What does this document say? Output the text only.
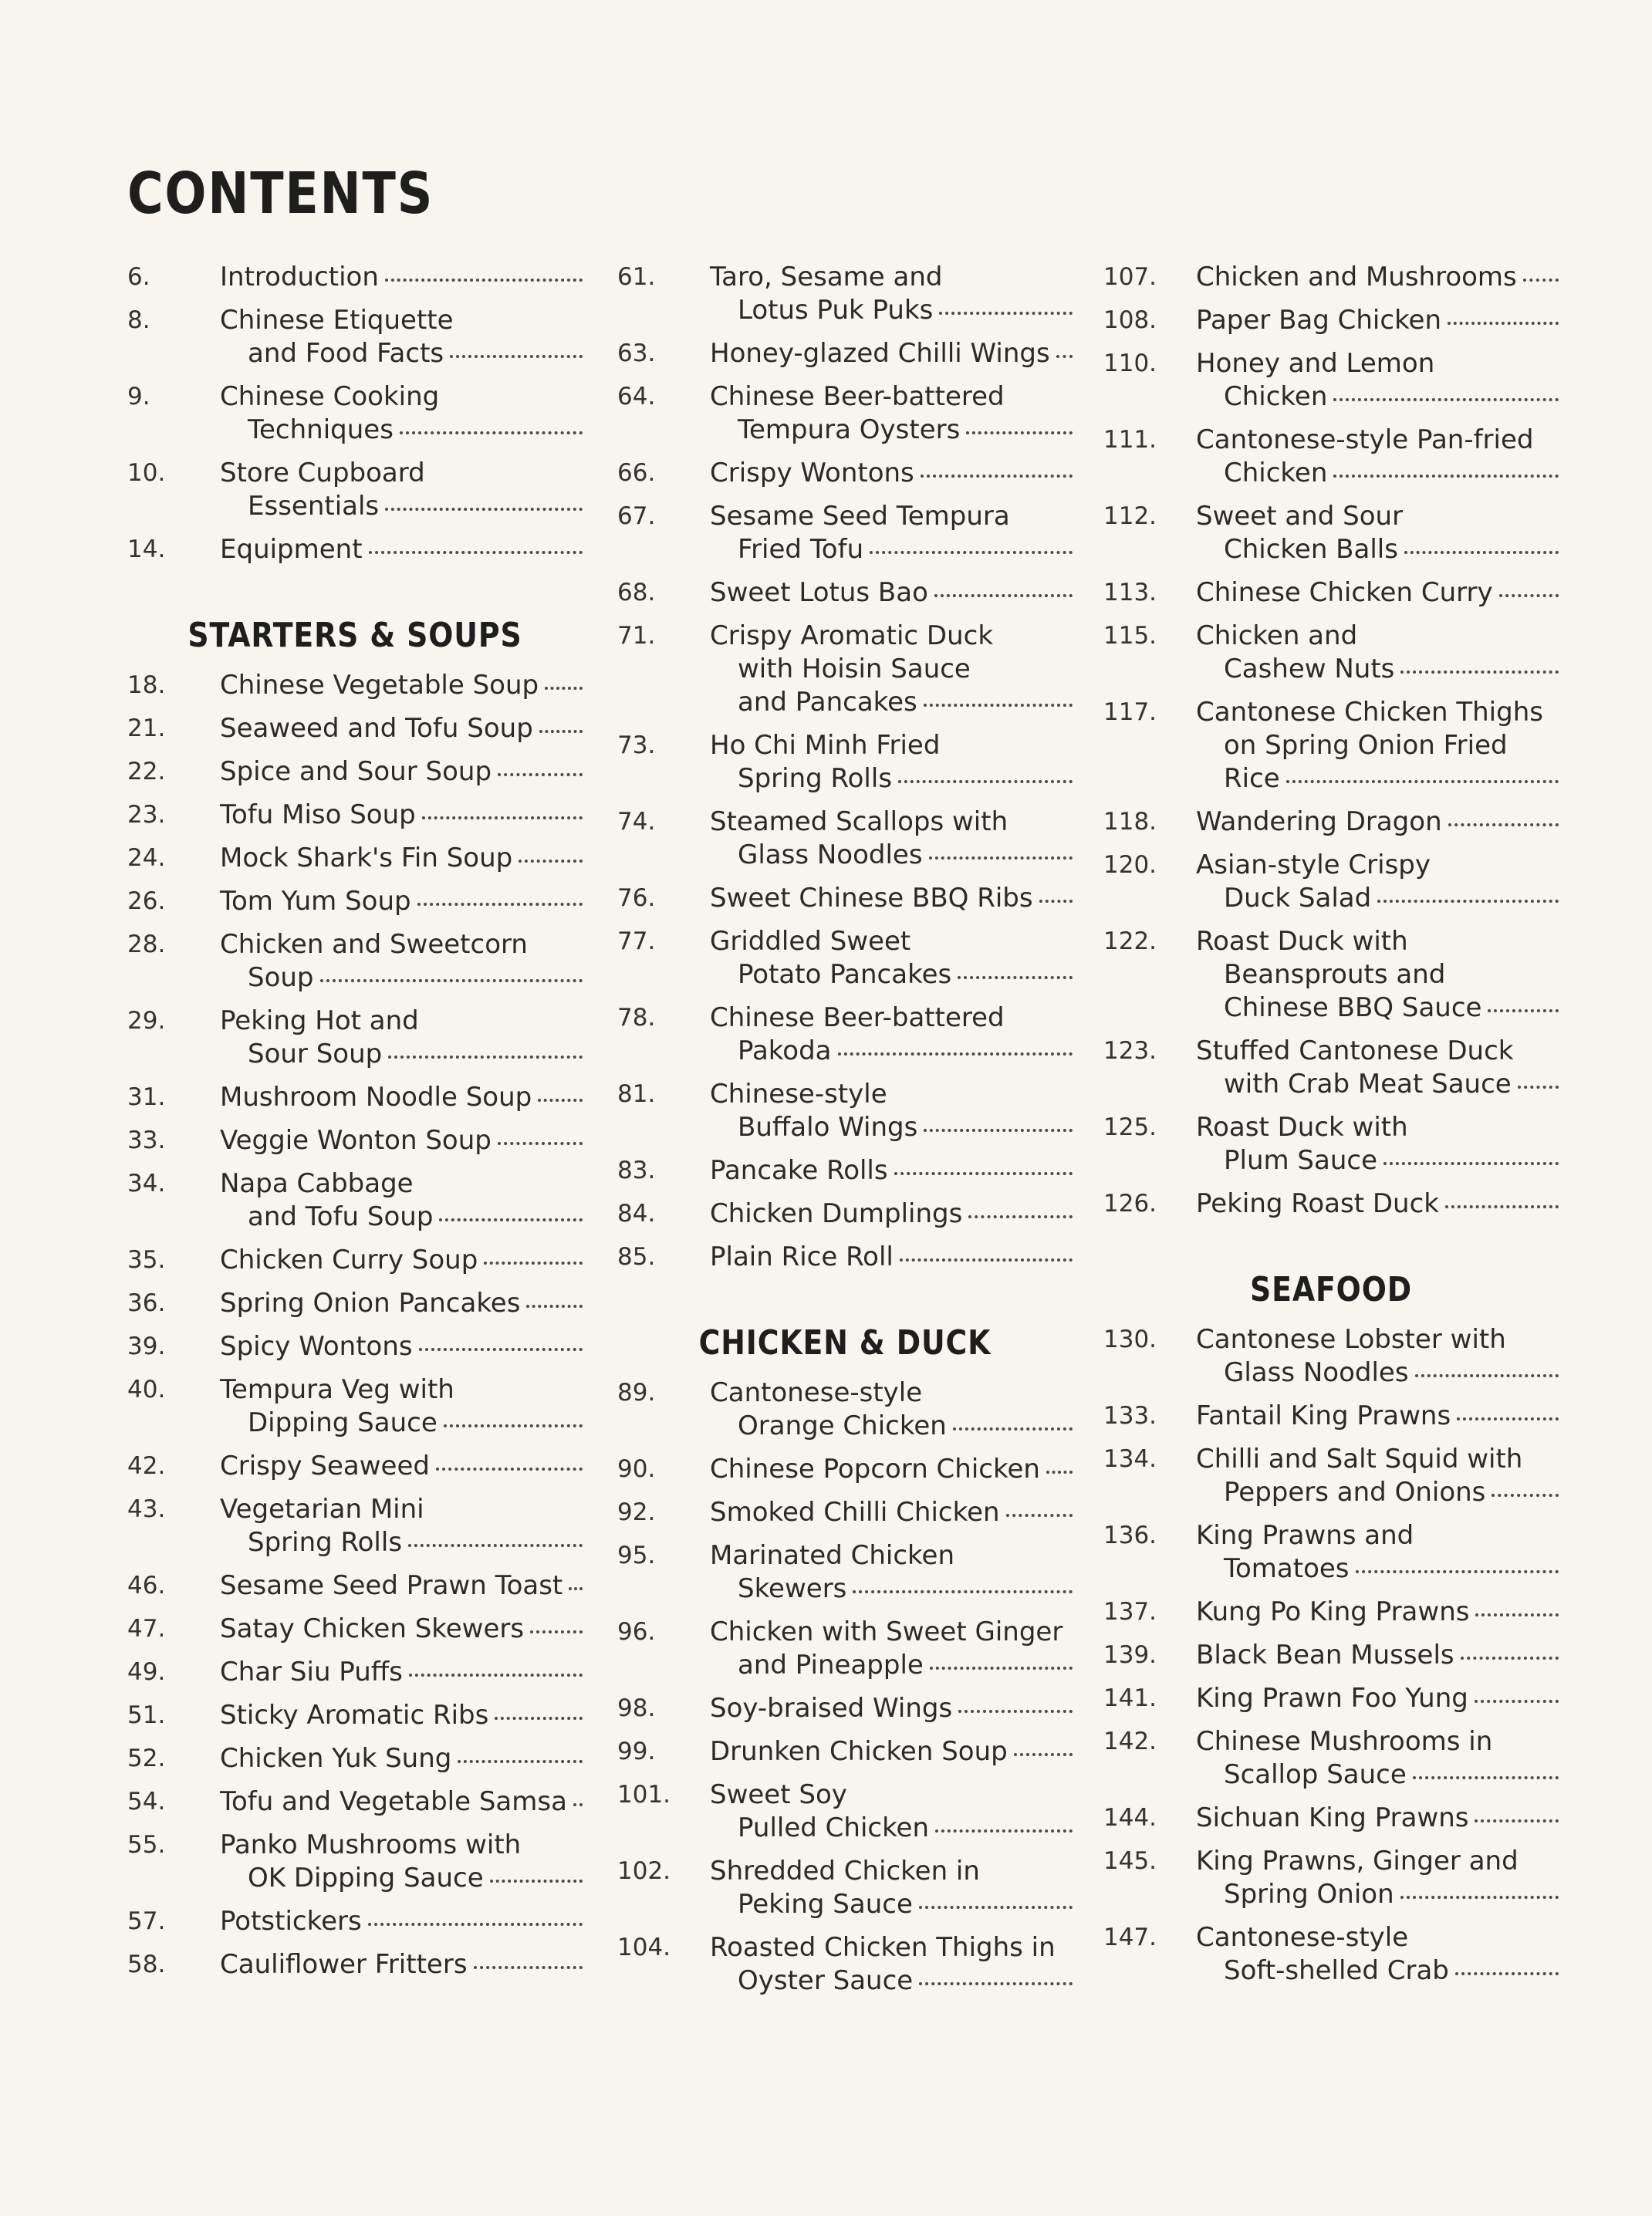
CONTENTS
6.	Introduction
8.	Chinese Etiquette
and Food Facts
9.	Chinese Cooking
Techniques
10.	Store Cupboard
Essentials
14.	Equipment
STARTERS & SOUPS
18.	Chinese Vegetable Soup
21.	Seaweed and Tofu Soup
22.	Spice and Sour Soup
23.	Tofu Miso Soup
24.	Mock Shark's Fin Soup
26.	Tom Yum Soup
28.	Chicken and Sweetcorn
Soup
29.	Peking Hot and
Sour Soup
31.	Mushroom Noodle Soup
33.	Veggie Wonton Soup
34.	Napa Cabbage
and Tofu Soup
35.	Chicken Curry Soup
36.	Spring Onion Pancakes
39.	Spicy Wontons
40.	Tempura Veg with
Dipping Sauce
42.	Crispy Seaweed
43.	Vegetarian Mini
Spring Rolls
46.	Sesame Seed Prawn Toast
47.	Satay Chicken Skewers
49.	Char Siu Puffs
51.	Sticky Aromatic Ribs
52.	Chicken Yuk Sung
54.	Tofu and Vegetable Samsa
55.	Panko Mushrooms with
OK Dipping Sauce
57.	Potstickers
58.	Cauliflower Fritters
61.	Taro, Sesame and
Lotus Puk Puks
63.	Honey-glazed Chilli Wings
64.	Chinese Beer-battered
Tempura Oysters
66.	Crispy Wontons
67.	Sesame Seed Tempura
Fried Tofu
68.	Sweet Lotus Bao
71.	Crispy Aromatic Duck
with Hoisin Sauce
and Pancakes
73.	Ho Chi Minh Fried
Spring Rolls
74.	Steamed Scallops with
Glass Noodles
76.	Sweet Chinese BBQ Ribs
77.	Griddled Sweet
Potato Pancakes
78.	Chinese Beer-battered
Pakoda
81.	Chinese-style
Buffalo Wings
83.	Pancake Rolls
84.	Chicken Dumplings
85.	Plain Rice Roll
CHICKEN & DUCK
89.	Cantonese-style
Orange Chicken
90.	Chinese Popcorn Chicken
92.	Smoked Chilli Chicken
95.	Marinated Chicken
Skewers
96.	Chicken with Sweet Ginger
and Pineapple
98.	Soy-braised Wings
99.	Drunken Chicken Soup
101.	Sweet Soy
Pulled Chicken
102.	Shredded Chicken in
Peking Sauce
104.	Roasted Chicken Thighs in
Oyster Sauce
107.	Chicken and Mushrooms
108.	Paper Bag Chicken
110.	Honey and Lemon
Chicken
111.	Cantonese-style Pan-fried
Chicken
112.	Sweet and Sour
Chicken Balls
113.	Chinese Chicken Curry
115.	Chicken and
Cashew Nuts
117.	Cantonese Chicken Thighs
on Spring Onion Fried
Rice
118.	Wandering Dragon
120.	Asian-style Crispy
Duck Salad
122.	Roast Duck with
Beansprouts and
Chinese BBQ Sauce
123.	Stuffed Cantonese Duck
with Crab Meat Sauce
125.	Roast Duck with
Plum Sauce
126.	Peking Roast Duck
SEAFOOD
130.	Cantonese Lobster with
Glass Noodles
133.	Fantail King Prawns
134.	Chilli and Salt Squid with
Peppers and Onions
136.	King Prawns and
Tomatoes
137.	Kung Po King Prawns
139.	Black Bean Mussels
141.	King Prawn Foo Yung
142.	Chinese Mushrooms in
Scallop Sauce
144.	Sichuan King Prawns
145.	King Prawns, Ginger and
Spring Onion
147.	Cantonese-style
Soft-shelled Crab
